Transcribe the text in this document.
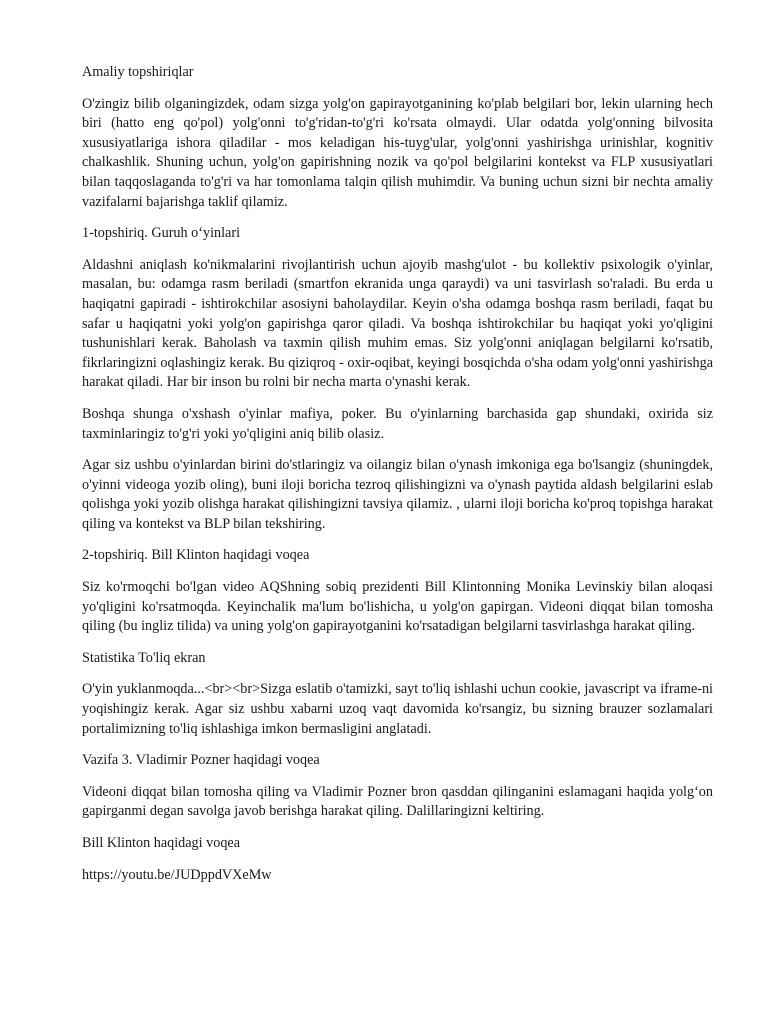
Amaliy topshiriqlar

O'zingiz bilib olganingizdek, odam sizga yolg'on gapirayotganining ko'plab belgilari bor, lekin ularning hech biri (hatto eng qo'pol) yolg'onni to'g'ridan-to'g'ri ko'rsata olmaydi. Ular odatda yolg'onning bilvosita xususiyatlariga ishora qiladilar - mos keladigan his-tuyg'ular, yolg'onni yashirishga urinishlar, kognitiv chalkashlik. Shuning uchun, yolg'on gapirishning nozik va qo'pol belgilarini kontekst va FLP xususiyatlari bilan taqqoslaganda to'g'ri va har tomonlama talqin qilish muhimdir. Va buning uchun sizni bir nechta amaliy vazifalarni bajarishga taklif qilamiz.

1-topshiriq. Guruh o‘yinlari

Aldashni aniqlash ko'nikmalarini rivojlantirish uchun ajoyib mashg'ulot - bu kollektiv psixologik o'yinlar, masalan, bu: odamga rasm beriladi (smartfon ekranida unga qaraydi) va uni tasvirlash so'raladi. Bu erda u haqiqatni gapiradi - ishtirokchilar asosiyni baholaydilar. Keyin o'sha odamga boshqa rasm beriladi, faqat bu safar u haqiqatni yoki yolg'on gapirishga qaror qiladi. Va boshqa ishtirokchilar bu haqiqat yoki yo'qligini tushunishlari kerak. Baholash va taxmin qilish muhim emas. Siz yolg'onni aniqlagan belgilarni ko'rsatib, fikrlaringizni oqlashingiz kerak. Bu qiziqroq - oxir-oqibat, keyingi bosqichda o'sha odam yolg'onni yashirishga harakat qiladi. Har bir inson bu rolni bir necha marta o'ynashi kerak.

Boshqa shunga o'xshash o'yinlar mafiya, poker. Bu o'yinlarning barchasida gap shundaki, oxirida siz taxminlaringiz to'g'ri yoki yo'qligini aniq bilib olasiz.

Agar siz ushbu o'yinlardan birini do'stlaringiz va oilangiz bilan o'ynash imkoniga ega bo'lsangiz (shuningdek, o'yinni videoga yozib oling), buni iloji boricha tezroq qilishingizni va o'ynash paytida aldash belgilarini eslab qolishga yoki yozib olishga harakat qilishingizni tavsiya qilamiz. , ularni iloji boricha ko'proq topishga harakat qiling va kontekst va BLP bilan tekshiring.

2-topshiriq. Bill Klinton haqidagi voqea

Siz ko'rmoqchi bo'lgan video AQShning sobiq prezidenti Bill Klintonning Monika Levinskiy bilan aloqasi yo'qligini ko'rsatmoqda. Keyinchalik ma'lum bo'lishicha, u yolg'on gapirgan. Videoni diqqat bilan tomosha qiling (bu ingliz tilida) va uning yolg'on gapirayotganini ko'rsatadigan belgilarni tasvirlashga harakat qiling.

Statistika To'liq ekran

O'yin yuklanmoqda...<br><br>Sizga eslatib o'tamizki, sayt to'liq ishlashi uchun cookie, javascript va iframe-ni yoqishingiz kerak. Agar siz ushbu xabarni uzoq vaqt davomida ko'rsangiz, bu sizning brauzer sozlamalari portalimizning to'liq ishlashiga imkon bermasligini anglatadi.

Vazifa 3. Vladimir Pozner haqidagi voqea

Videoni diqqat bilan tomosha qiling va Vladimir Pozner bron qasddan qilinganini eslamagani haqida yolg‘on gapirganmi degan savolga javob berishga harakat qiling. Dalillaringizni keltiring.

Bill Klinton haqidagi voqea

https://youtu.be/JUDppdVXeMw
